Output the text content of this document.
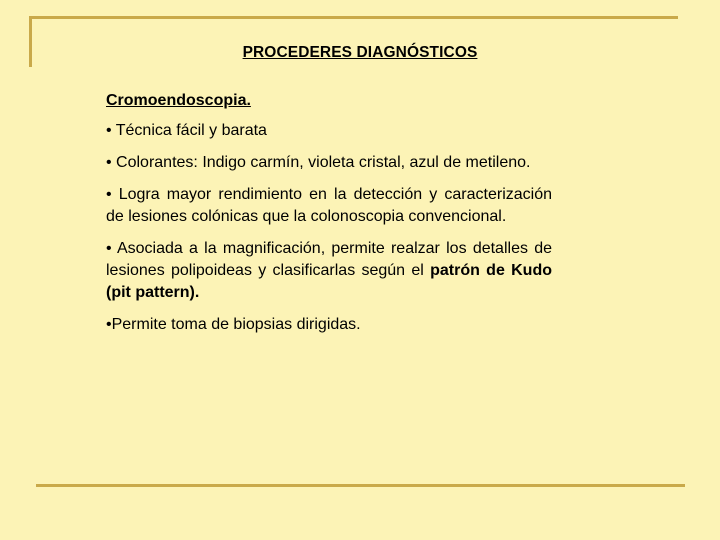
PROCEDERES DIAGNÓSTICOS

Cromoendoscopia.

• Técnica fácil y barata

• Colorantes: Indigo carmín, violeta cristal, azul de metileno.

• Logra mayor rendimiento en la detección y caracterización de lesiones colónicas que la colonoscopia convencional.

• Asociada a la magnificación, permite realzar los detalles de lesiones polipoideas y clasificarlas según el patrón de Kudo (pit pattern).

•Permite toma de biopsias dirigidas.
